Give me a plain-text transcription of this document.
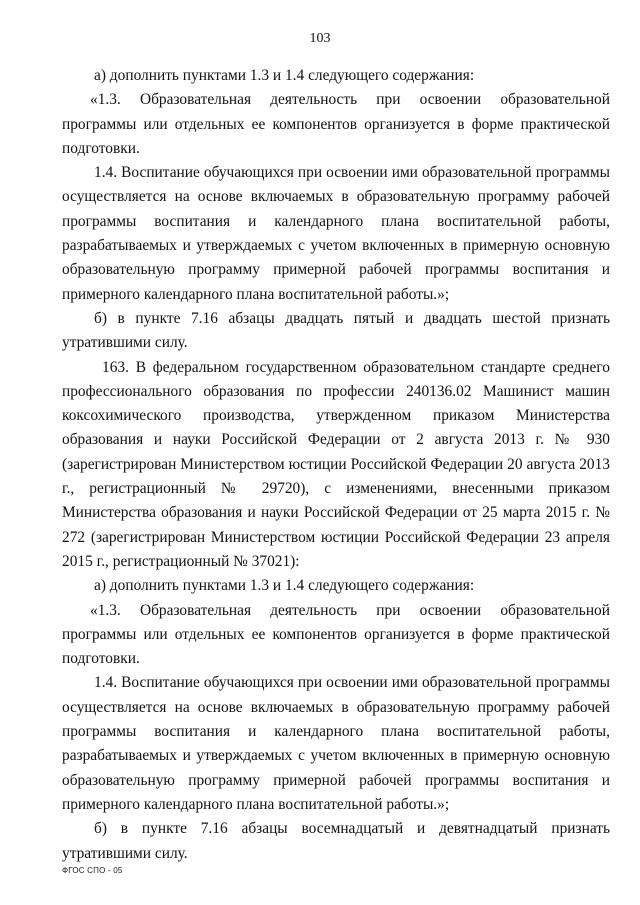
103

а) дополнить пунктами 1.3 и 1.4 следующего содержания:

«1.3. Образовательная деятельность при освоении образовательной программы или отдельных ее компонентов организуется в форме практической подготовки.

1.4. Воспитание обучающихся при освоении ими образовательной программы осуществляется на основе включаемых в образовательную программу рабочей программы воспитания и календарного плана воспитательной работы, разрабатываемых и утверждаемых с учетом включенных в примерную основную образовательную программу примерной рабочей программы воспитания и примерного календарного плана воспитательной работы.»;

б) в пункте 7.16 абзацы двадцать пятый и двадцать шестой признать утратившими силу.

163. В федеральном государственном образовательном стандарте среднего профессионального образования по профессии 240136.02 Машинист машин коксохимического производства, утвержденном приказом Министерства образования и науки Российской Федерации от 2 августа 2013 г. № 930 (зарегистрирован Министерством юстиции Российской Федерации 20 августа 2013 г., регистрационный № 29720), с изменениями, внесенными приказом Министерства образования и науки Российской Федерации от 25 марта 2015 г. № 272 (зарегистрирован Министерством юстиции Российской Федерации 23 апреля 2015 г., регистрационный № 37021):

а) дополнить пунктами 1.3 и 1.4 следующего содержания:

«1.3. Образовательная деятельность при освоении образовательной программы или отдельных ее компонентов организуется в форме практической подготовки.

1.4. Воспитание обучающихся при освоении ими образовательной программы осуществляется на основе включаемых в образовательную программу рабочей программы воспитания и календарного плана воспитательной работы, разрабатываемых и утверждаемых с учетом включенных в примерную основную образовательную программу примерной рабочей программы воспитания и примерного календарного плана воспитательной работы.»;

б) в пункте 7.16 абзацы восемнадцатый и девятнадцатый признать утратившими силу.

ФГОС СПО - 05
